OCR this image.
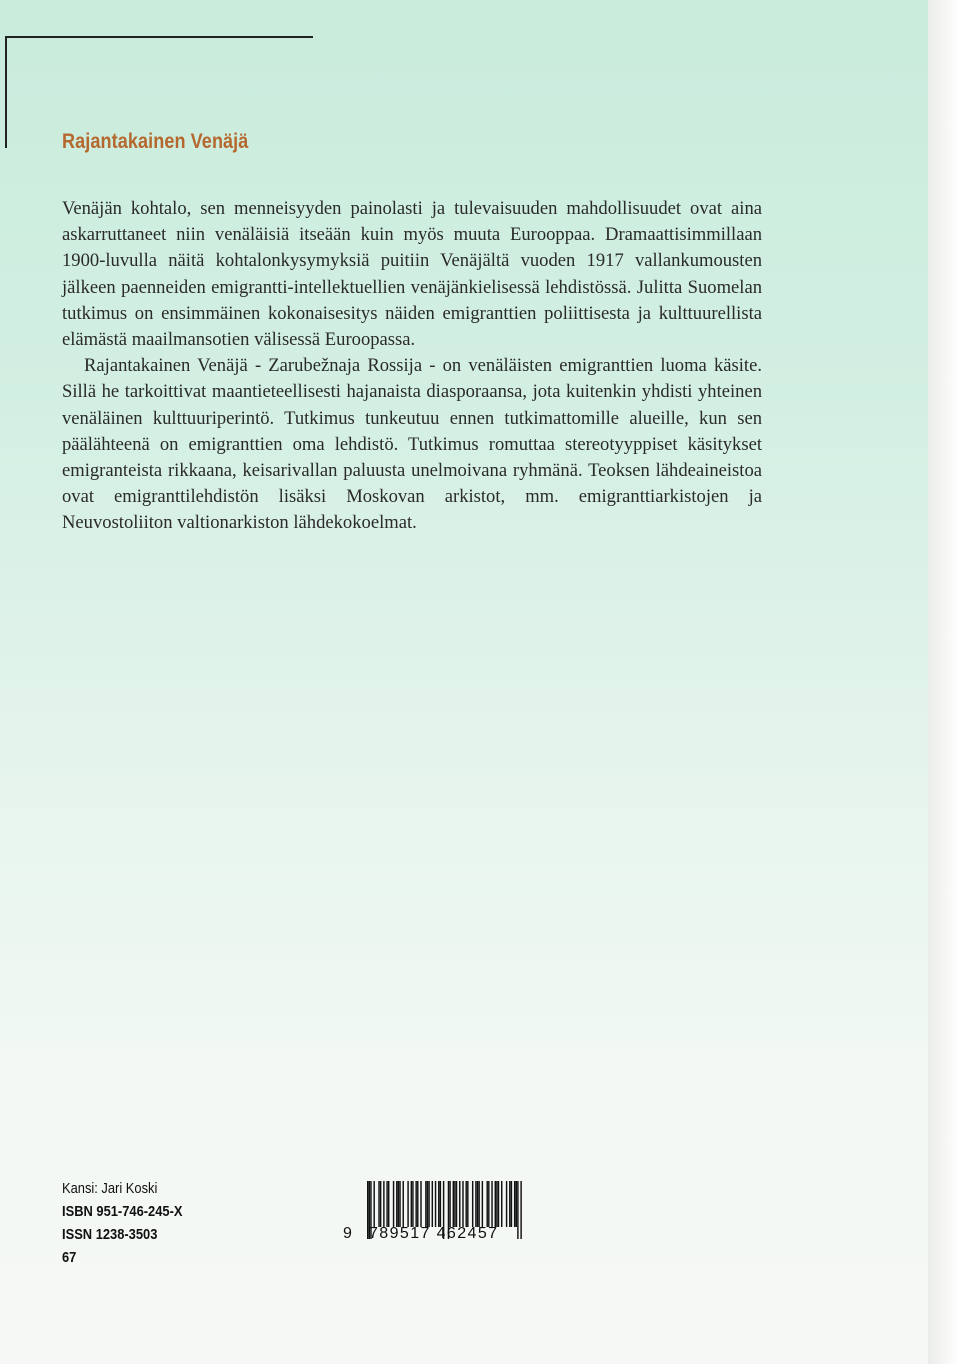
Rajantakainen Venäjä

Venäjän kohtalo, sen menneisyyden painolasti ja tulevaisuuden mahdollisuudet ovat aina askarruttaneet niin venäläisiä itseään kuin myös muuta Eurooppaa. Dramaattisimmillaan 1900-luvulla näitä kohtalonkysymyksiä puitiin Venäjältä vuoden 1917 vallankumousten jälkeen paenneiden emigrantti-intellektuellien venäjänkielisessä lehdistössä. Julitta Suomelan tutkimus on ensimmäinen kokonaisesitys näiden emigranttien poliittisesta ja kulttuurellista elämästä maailmansotien välisessä Euroopassa.

Rajantakainen Venäjä - Zarubežnaja Rossija - on venäläisten emigranttien luoma käsite. Sillä he tarkoittivat maantieteellisesti hajanaista diasporaansa, jota kuitenkin yhdisti yhteinen venäläinen kulttuuriperintö. Tutkimus tunkeutuu ennen tutkimattomille alueille, kun sen päälähteenä on emigranttien oma lehdistö. Tutkimus romuttaa stereotyyppiset käsitykset emigranteista rikkaana, keisarivallan paluusta unelmoivana ryhmänä. Teoksen lähdeaineistoa ovat emigranttilehdistön lisäksi Moskovan arkistot, mm. emigranttiarkistojen ja Neuvostoliiton valtionarkiston lähdekokoelmat.

Kansi: Jari Koski
ISBN 951-746-245-X
ISSN 1238-3503
67
9 789517 462457
